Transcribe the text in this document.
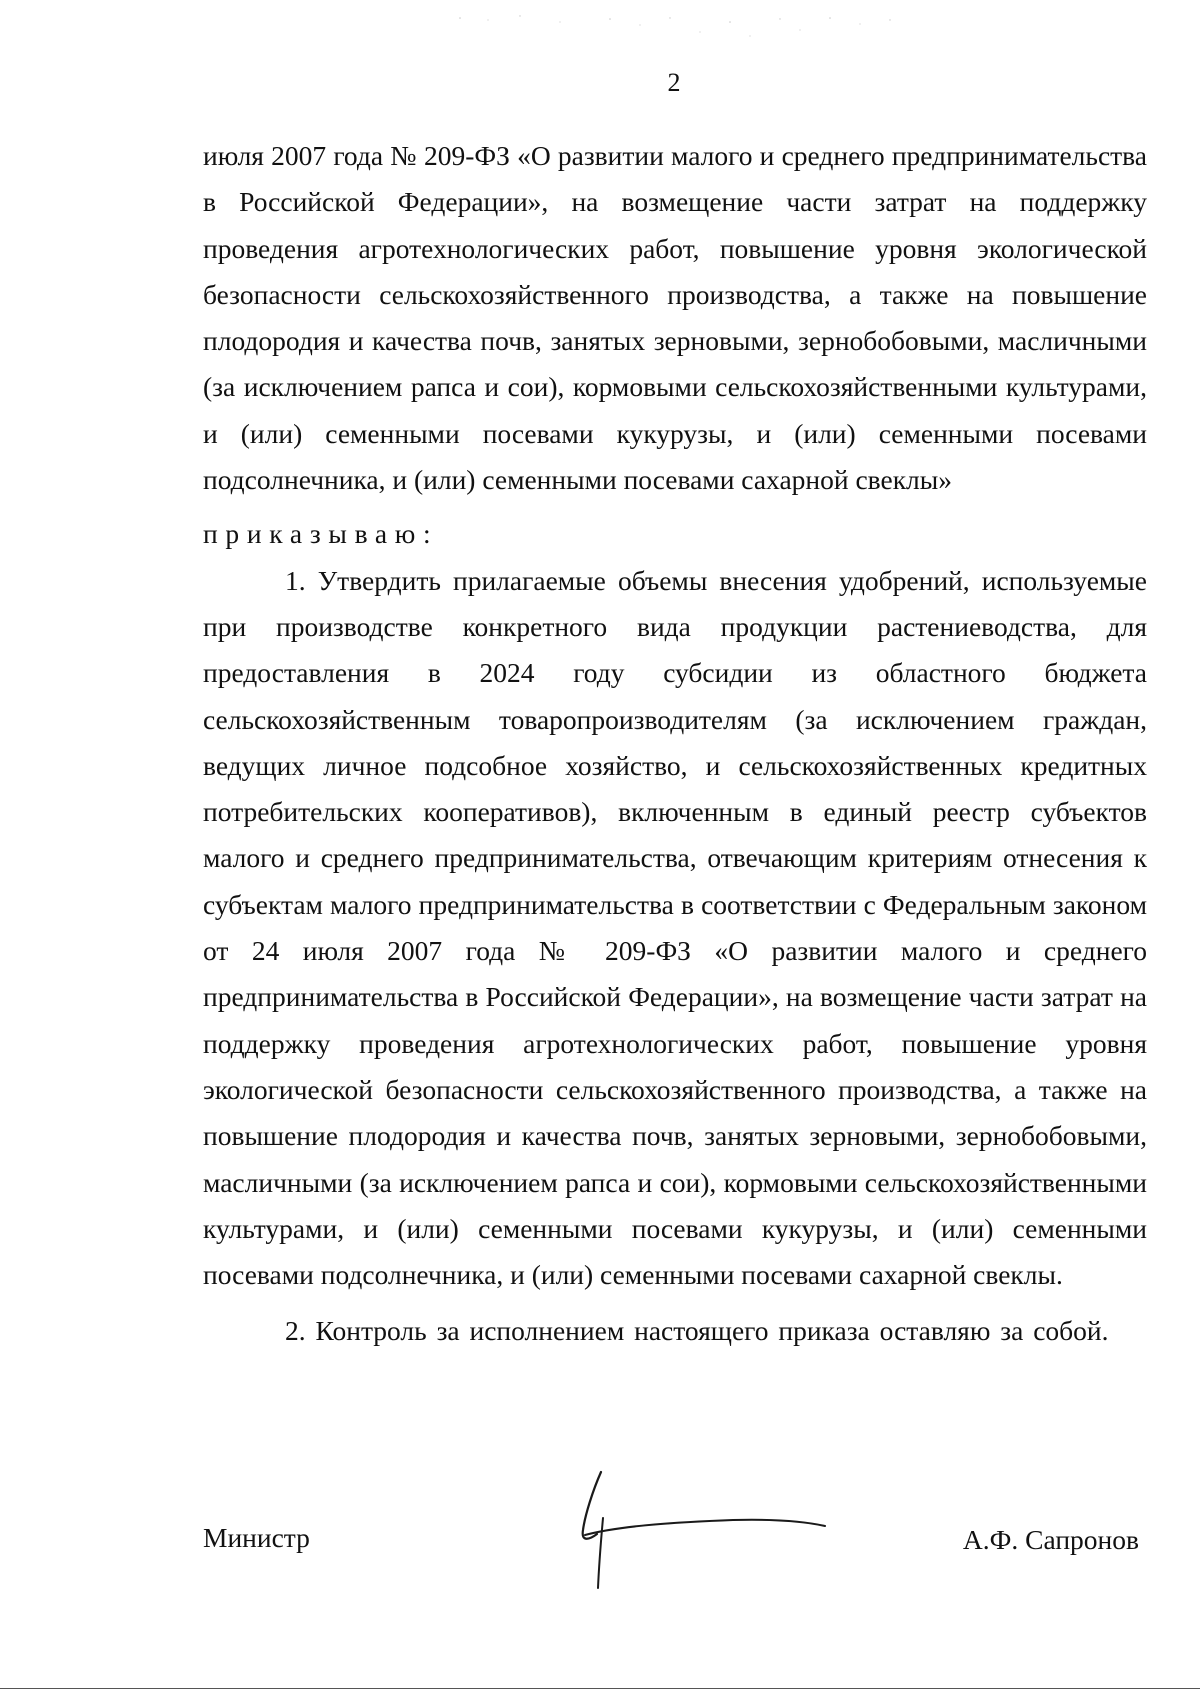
2

июля 2007 года № 209-ФЗ «О развитии малого и среднего предпринимательства в Российской Федерации», на возмещение части затрат на поддержку проведения агротехнологических работ, повышение уровня экологической безопасности сельскохозяйственного производства, а также на повышение плодородия и качества почв, занятых зерновыми, зернобобовыми, масличными (за исключением рапса и сои), кормовыми сельскохозяйственными культурами, и (или) семенными посевами кукурузы, и (или) семенными посевами подсолнечника, и (или) семенными посевами сахарной свеклы»

приказываю:

1. Утвердить прилагаемые объемы внесения удобрений, используемые при производстве конкретного вида продукции растениеводства, для предоставления в 2024 году субсидии из областного бюджета сельскохозяйственным товаропроизводителям (за исключением граждан, ведущих личное подсобное хозяйство, и сельскохозяйственных кредитных потребительских кооперативов), включенным в единый реестр субъектов малого и среднего предпринимательства, отвечающим критериям отнесения к субъектам малого предпринимательства в соответствии с Федеральным законом от 24 июля 2007 года № 209-ФЗ «О развитии малого и среднего предпринимательства в Российской Федерации», на возмещение части затрат на поддержку проведения агротехнологических работ, повышение уровня экологической безопасности сельскохозяйственного производства, а также на повышение плодородия и качества почв, занятых зерновыми, зернобобовыми, масличными (за исключением рапса и сои), кормовыми сельскохозяйственными культурами, и (или) семенными посевами кукурузы, и (или) семенными посевами подсолнечника, и (или) семенными посевами сахарной свеклы.

2. Контроль за исполнением настоящего приказа оставляю за собой.

Министр	А.Ф. Сапронов
